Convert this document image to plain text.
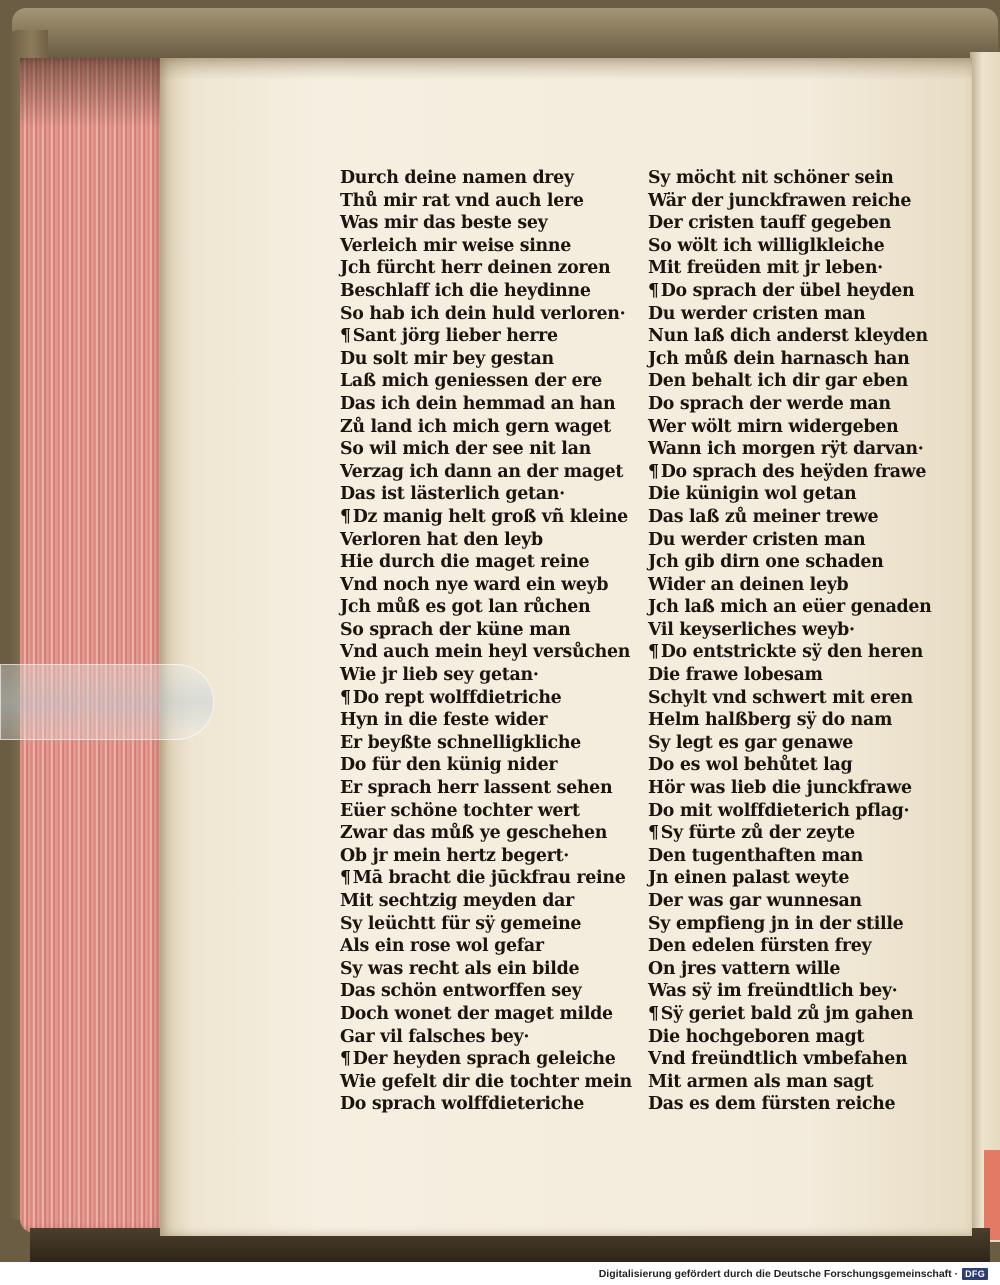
Durch deine namen drey
Thů mir rat vnd auch lere
Was mir das beste sey
Verleich mir weise sinne
Jch fürcht herr deinen zoren
Beschlaff ich die heydinne
So hab ich dein huld verloren·
¶ Sant jörg lieber herre
Du solt mir bey gestan
Laß mich geniessen der ere
Das ich dein hemmad an han
Zů land ich mich gern waget
So wil mich der see nit lan
Verzag ich dann an der maget
Das ist lästerlich getan·
¶ Dz manig helt groß vñ kleine
Verloren hat den leyb
Hie durch die maget reine
Vnd noch nye ward ein weyb
Jch můß es got lan růchen
So sprach der küne man
Vnd auch mein heyl versůchen
Wie jr lieb sey getan·
¶ Do rept wolffdietriche
Hyn in die feste wider
Er beyßte schnelligkliche
Do für den künig nider
Er sprach herr lassent sehen
Eüer schöne tochter wert
Zwar das můß ye geschehen
Ob jr mein hertz begert·
¶ Mā bracht die jūckfrau reine
Mit sechtzig meyden dar
Sy leüchtt für sÿ gemeine
Als ein rose wol gefar
Sy was recht als ein bilde
Das schön entworffen sey
Doch wonet der maget milde
Gar vil falsches bey·
¶ Der heyden sprach geleiche
Wie gefelt dir die tochter mein
Do sprach wolffdieteriche
Sy möcht nit schöner sein
Wär der junckfrawen reiche
Der cristen tauff gegeben
So wölt ich williglkleiche
Mit freüden mit jr leben·
¶ Do sprach der übel heyden
Du werder cristen man
Nun laß dich anderst kleyden
Jch můß dein harnasch han
Den behalt ich dir gar eben
Do sprach der werde man
Wer wölt mirn widergeben
Wann ich morgen rÿt darvan·
¶ Do sprach des heÿden frawe
Die künigin wol getan
Das laß zů meiner trewe
Du werder cristen man
Jch gib dirn one schaden
Wider an deinen leyb
Jch laß mich an eüer genaden
Vil keyserliches weyb·
¶ Do entstrickte sÿ den heren
Die frawe lobesam
Schylt vnd schwert mit eren
Helm halßberg sÿ do nam
Sy legt es gar genawe
Do es wol behůtet lag
Hör was lieb die junckfrawe
Do mit wolffdieterich pflag·
¶ Sy fürte zů der zeyte
Den tugenthaften man
Jn einen palast weyte
Der was gar wunnesan
Sy empfieng jn in der stille
Den edelen fürsten frey
On jres vattern wille
Was sÿ im freündtlich bey·
¶ Sÿ geriet bald zů jm gahen
Die hochgeboren magt
Vnd freündtlich vmbefahen
Mit armen als man sagt
Das es dem fürsten reiche
Digitalisierung gefördert durch die Deutsche Forschungsgemeinschaft · DFG
